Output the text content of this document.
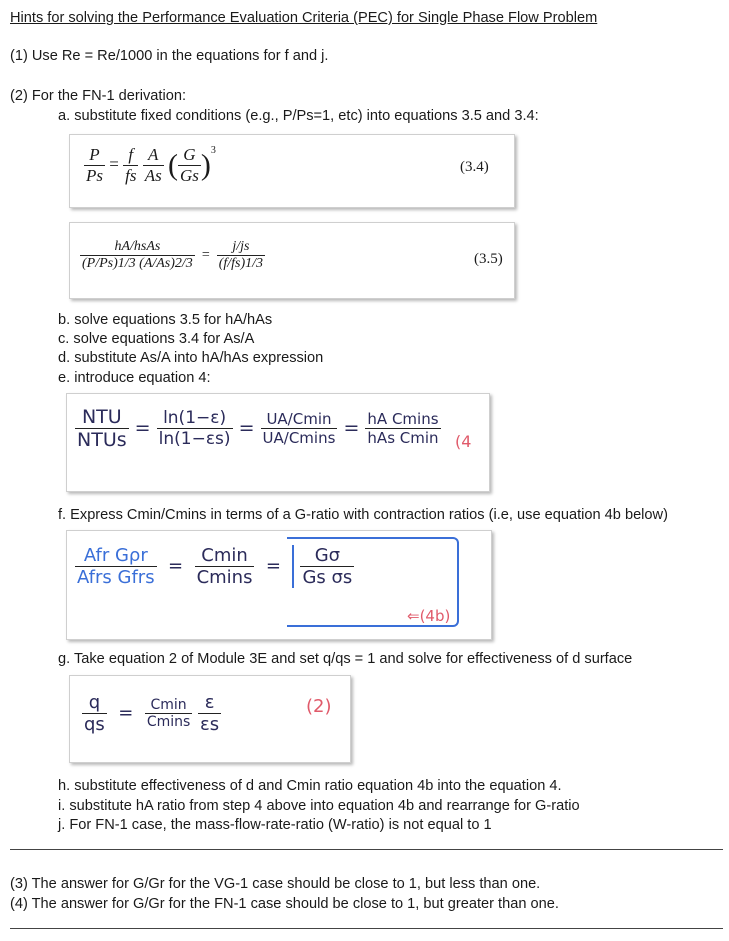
Hints for solving the Performance Evaluation Criteria (PEC) for Single Phase Flow Problem
(1) Use Re = Re/1000 in the equations for f and j.
(2) For the FN-1 derivation:
a. substitute fixed conditions (e.g., P/Ps=1, etc) into equations 3.5 and 3.4:
$\frac{P}{Ps} = \frac{f}{fs}$
$\frac{A}{As}$ ( $\frac{G}{Gs} )^3$
(3.4)
$\frac{\text{hA/hsAs}}{(P/Ps)1/3 (A/As)2/3} = \frac{j/js}{(f/fs)1/3}$	(3.5)
b. solve equations 3.5 for hA/hAs
c. solve equations 3.4 for As/A
d. substitute As/A into hA/hAs expression
e. introduce equation 4:
$\frac{\text{NTU}}{\text{NTUs}} = \frac{\ln(1-\varepsilon)}{\ln(1-\varepsilon s)} = \frac{UA/Cmin}{UA/Cmins} = \frac{\text{hA Cmins}}{\text{hAs Cmin}} (4$
f. Express Cmin/Cmins in terms of a G-ratio with contraction ratios (i.e, use equation 4b below)
$\frac{\text{Afr Gρr}}{\text{Afrs Gfrs}} = \frac{Cmin}{Cmins} = \frac{G\sigma}{\text{Gs σs}}$
⇐(4b)
g. Take equation 2 of Module 3E and set q/qs = 1 and solve for effectiveness of d surface
$\frac{q}{qs} = \frac{Cmin}{Cmins}$
$\frac{\varepsilon}{\varepsilon s}$	(2)
h. substitute effectiveness of d and Cmin ratio equation 4b into the equation 4.
i. substitute hA ratio from step 4 above into equation 4b and rearrange for G-ratio
j. For FN-1 case, the mass-flow-rate-ratio (W-ratio) is not equal to 1
(3) The answer for G/Gr for the VG-1 case should be close to 1, but less than one.
(4) The answer for G/Gr for the FN-1 case should be close to 1, but greater than one.
